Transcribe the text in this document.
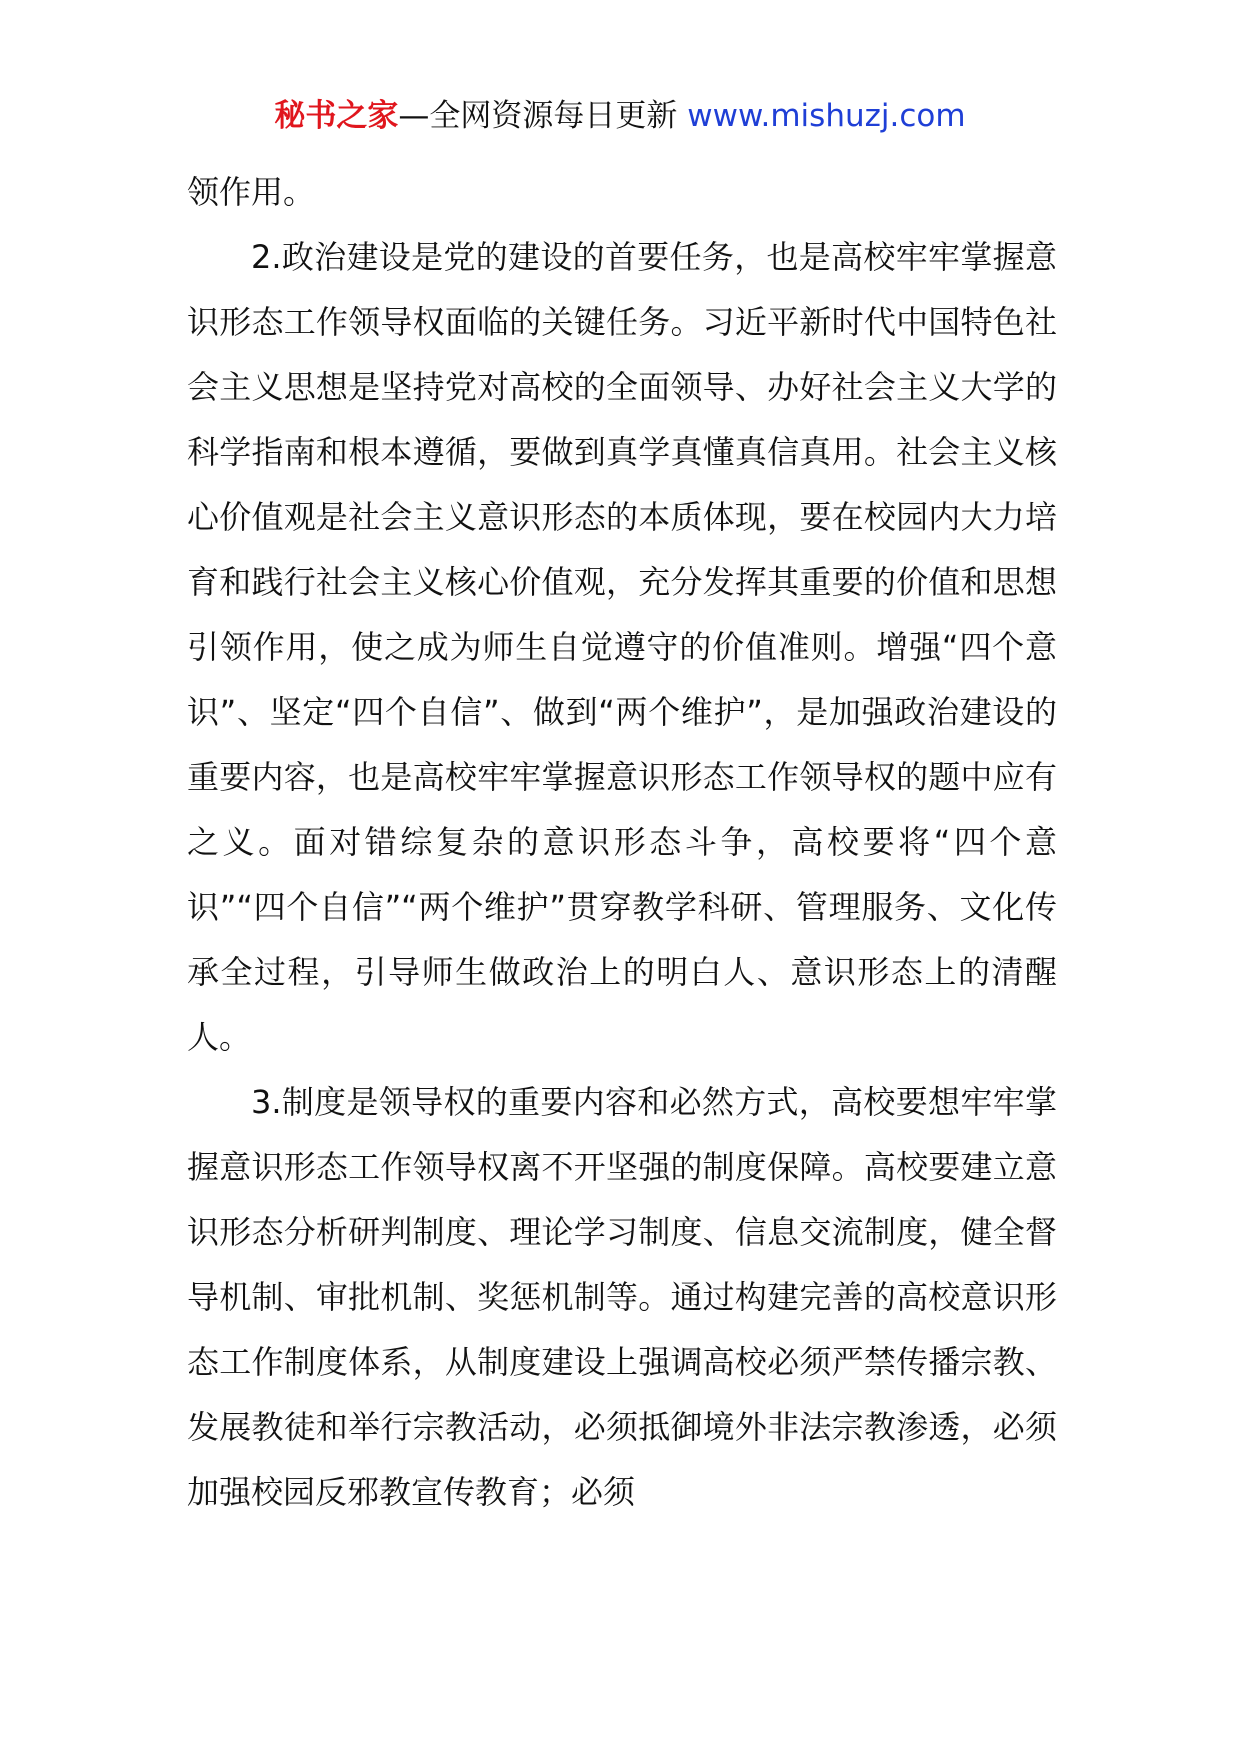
秘书之家—全网资源每日更新 www.mishuzj.com

领作用。

2.政治建设是党的建设的首要任务，也是高校牢牢掌握意识形态工作领导权面临的关键任务。习近平新时代中国特色社会主义思想是坚持党对高校的全面领导、办好社会主义大学的科学指南和根本遵循，要做到真学真懂真信真用。社会主义核心价值观是社会主义意识形态的本质体现，要在校园内大力培育和践行社会主义核心价值观，充分发挥其重要的价值和思想引领作用，使之成为师生自觉遵守的价值准则。增强“四个意识”、坚定“四个自信”、做到“两个维护”，是加强政治建设的重要内容，也是高校牢牢掌握意识形态工作领导权的题中应有之义。面对错综复杂的意识形态斗争，高校要将“四个意识”“四个自信”“两个维护”贯穿教学科研、管理服务、文化传承全过程，引导师生做政治上的明白人、意识形态上的清醒人。

3.制度是领导权的重要内容和必然方式，高校要想牢牢掌握意识形态工作领导权离不开坚强的制度保障。高校要建立意识形态分析研判制度、理论学习制度、信息交流制度，健全督导机制、审批机制、奖惩机制等。通过构建完善的高校意识形态工作制度体系，从制度建设上强调高校必须严禁传播宗教、发展教徒和举行宗教活动，必须抵御境外非法宗教渗透，必须加强校园反邪教宣传教育；必须
